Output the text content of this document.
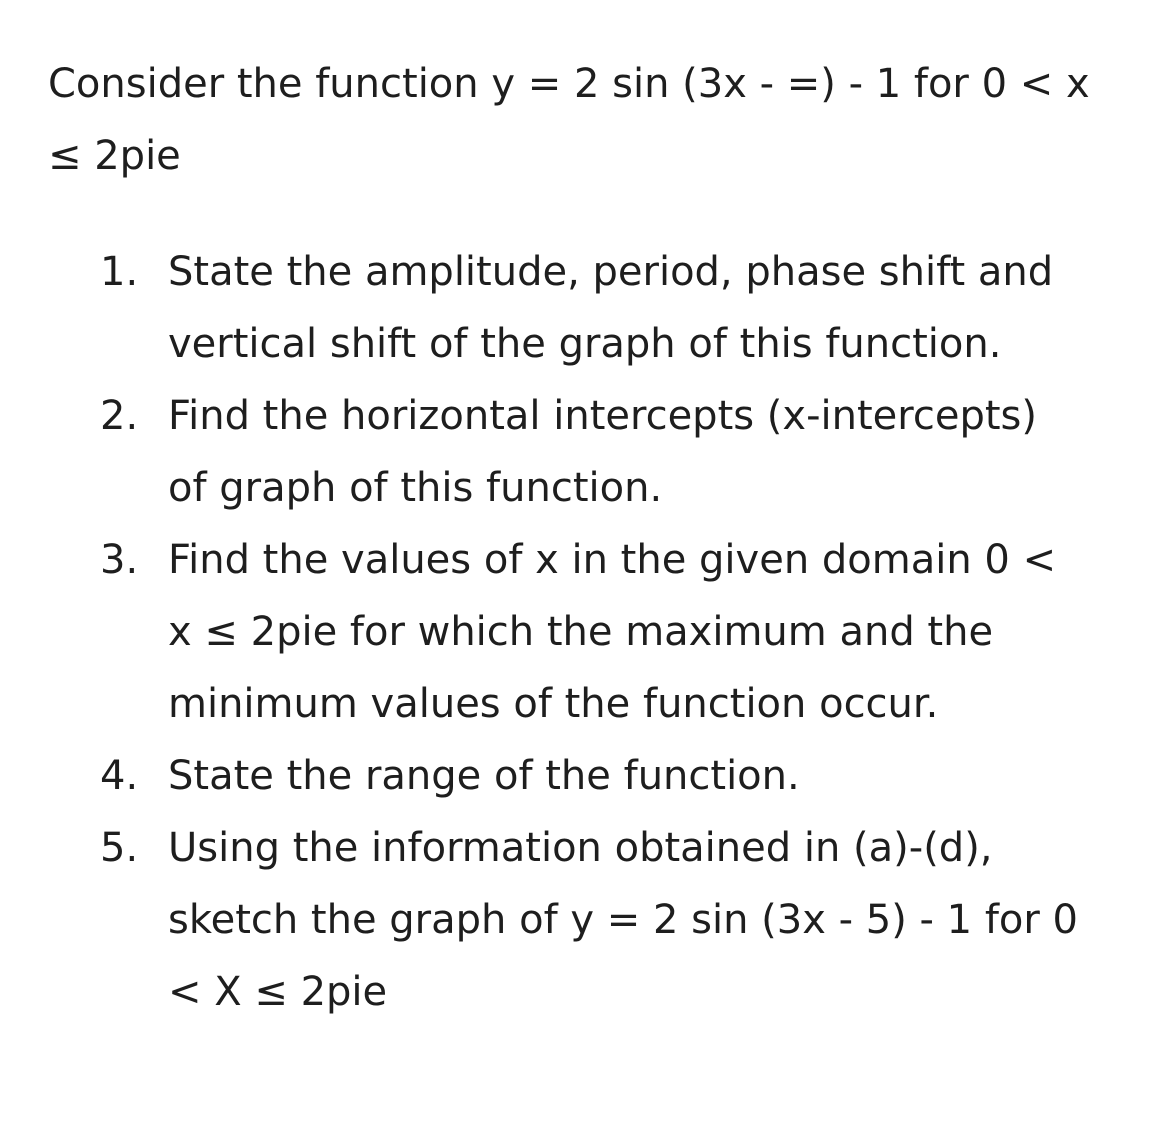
Consider the function y = 2 sin (3x - =) - 1 for 0 < x
≤ 2pie

1. State the amplitude, period, phase shift and
vertical shift of the graph of this function.
2. Find the horizontal intercepts (x-intercepts)
of graph of this function.
3. Find the values of x in the given domain 0 <
x ≤ 2pie for which the maximum and the
minimum values of the function occur.
4. State the range of the function.
5. Using the information obtained in (a)-(d),
sketch the graph of y = 2 sin (3x - 5) - 1 for 0
< X ≤ 2pie
